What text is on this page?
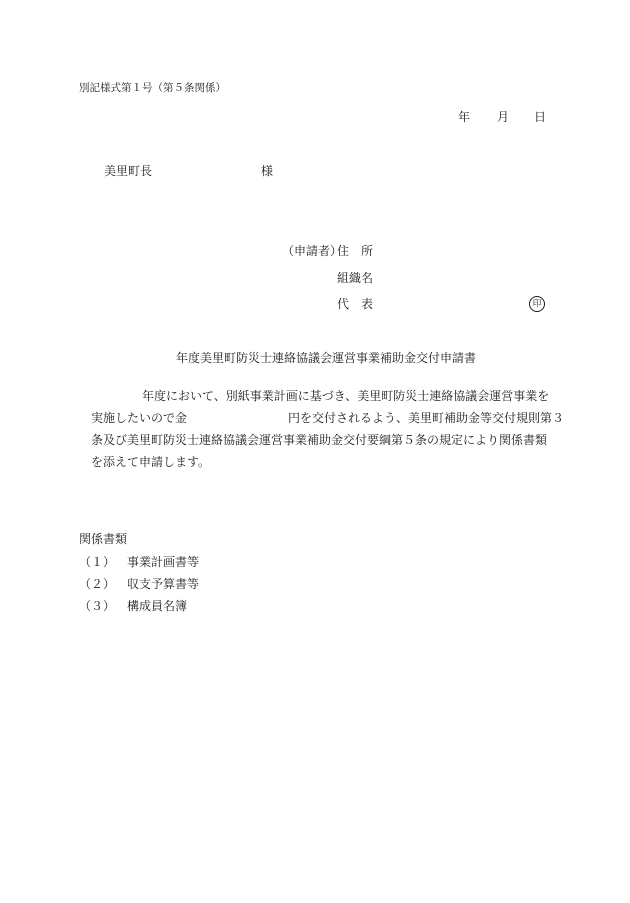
別記様式第１号（第５条関係）
年 月 日
美里町長	様
（申請者）
住　所
組織名
代　表	印
年度美里町防災士連絡協議会運営事業補助金交付申請書
年度において、別紙事業計画に基づき、美里町防災士連絡協議会運営事業を
実施したいので金	円を交付されるよう、美里町補助金等交付規則第３
条及び美里町防災士連絡協議会運営事業補助金交付要綱第５条の規定により関係書類
を添えて申請します。
関係書類
（１） 事業計画書等
（２） 収支予算書等
（３） 構成員名簿
